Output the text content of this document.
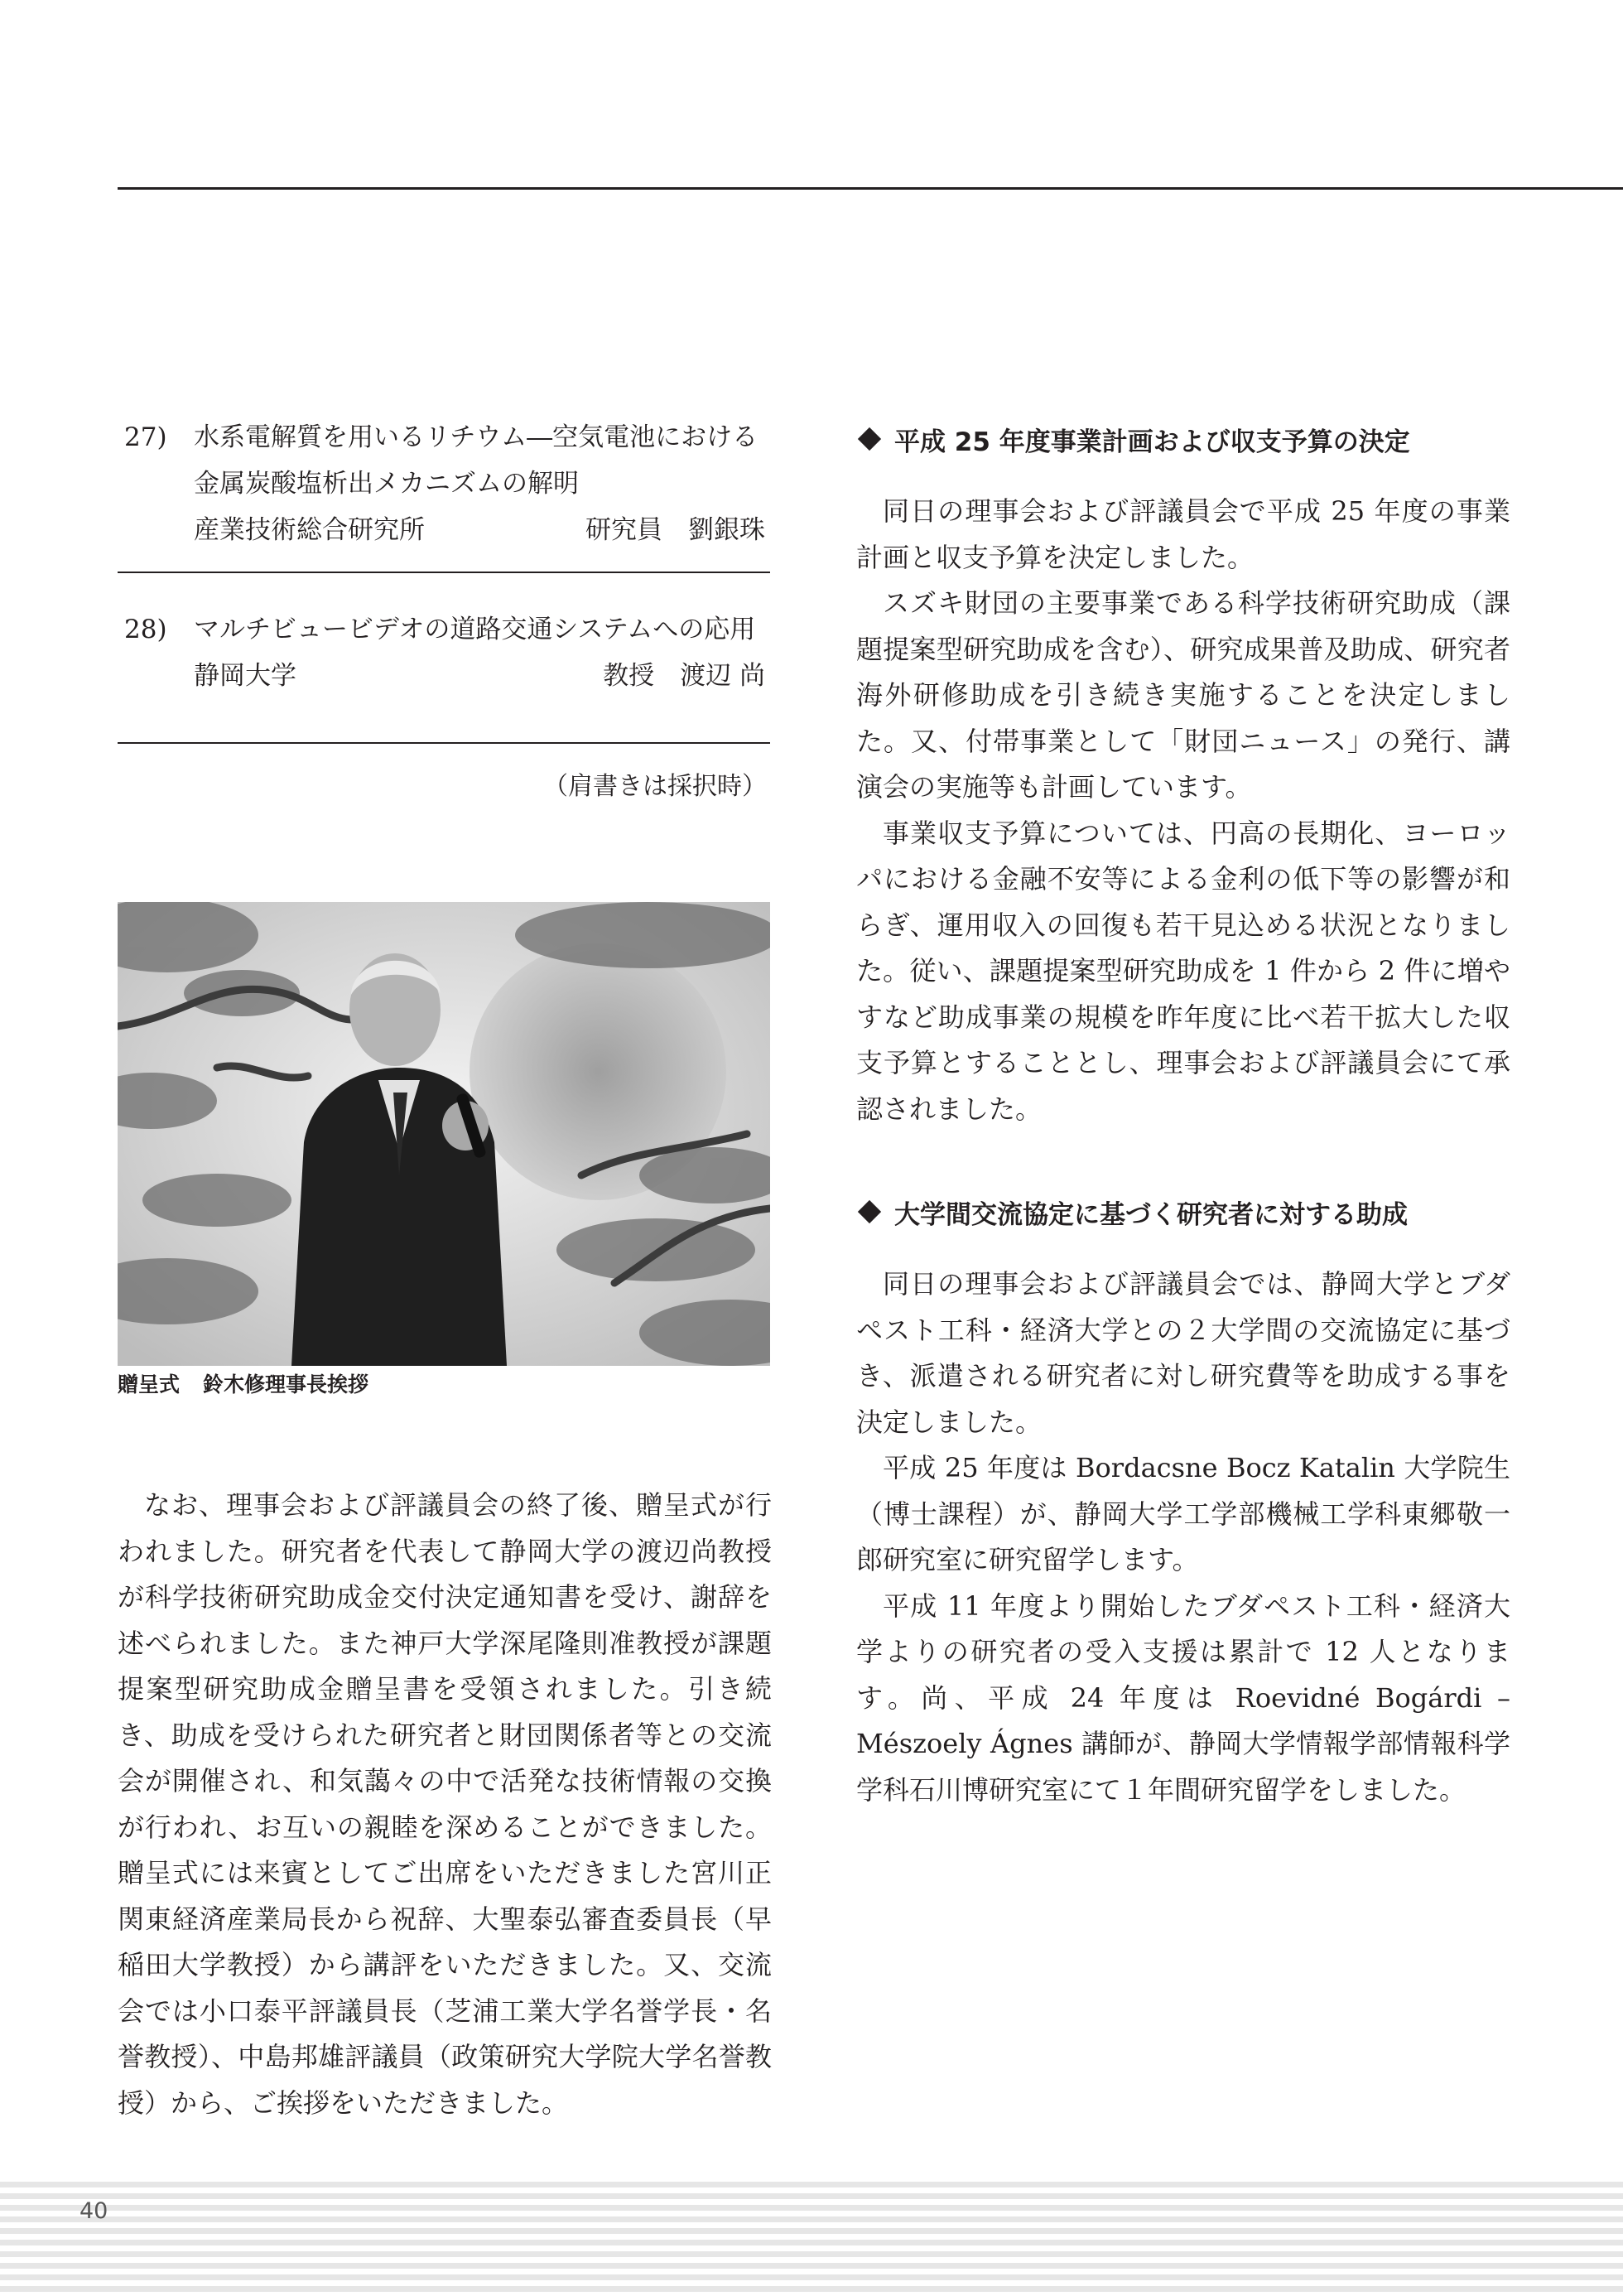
27)	水系電解質を用いるリチウム―空気電池における
金属炭酸塩析出メカニズムの解明
産業技術総合研究所	研究員　劉銀珠
28)	マルチビュービデオの道路交通システムへの応用
静岡大学	教授　渡辺 尚
（肩書きは採択時）
贈呈式 鈴木修理事長挨拶

なお、理事会および評議員会の終了後、贈呈式が行われました。研究者を代表して静岡大学の渡辺尚教授が科学技術研究助成金交付決定通知書を受け、謝辞を述べられました。また神戸大学深尾隆則准教授が課題提案型研究助成金贈呈書を受領されました。引き続き、助成を受けられた研究者と財団関係者等との交流会が開催され、和気藹々の中で活発な技術情報の交換が行われ、お互いの親睦を深めることができました。贈呈式には来賓としてご出席をいただきました宮川正関東経済産業局長から祝辞、大聖泰弘審査委員長（早稲田大学教授）から講評をいただきました。又、交流会では小口泰平評議員長（芝浦工業大学名誉学長・名誉教授）、中島邦雄評議員（政策研究大学院大学名誉教授）から、ご挨拶をいただきました。

平成 25 年度事業計画および収支予算の決定

同日の理事会および評議員会で平成 25 年度の事業計画と収支予算を決定しました。

スズキ財団の主要事業である科学技術研究助成（課題提案型研究助成を含む）、研究成果普及助成、研究者海外研修助成を引き続き実施することを決定しました。又、付帯事業として「財団ニュース」の発行、講演会の実施等も計画しています。

事業収支予算については、円高の長期化、ヨーロッパにおける金融不安等による金利の低下等の影響が和らぎ、運用収入の回復も若干見込める状況となりました。従い、課題提案型研究助成を 1 件から 2 件に増やすなど助成事業の規模を昨年度に比べ若干拡大した収支予算とすることとし、理事会および評議員会にて承認されました。

大学間交流協定に基づく研究者に対する助成

同日の理事会および評議員会では、静岡大学とブダペスト工科・経済大学との２大学間の交流協定に基づき、派遣される研究者に対し研究費等を助成する事を決定しました。

平成 25 年度は Bordacsne Bocz Katalin 大学院生（博士課程）が、静岡大学工学部機械工学科東郷敬一郎研究室に研究留学します。

平成 11 年度より開始したブダペスト工科・経済大学よりの研究者の受入支援は累計で 12 人となります。尚、平成 24 年度は Roevidné Bogárdi –Mészoely Ágnes 講師が、静岡大学情報学部情報科学学科石川博研究室にて１年間研究留学をしました。

40
